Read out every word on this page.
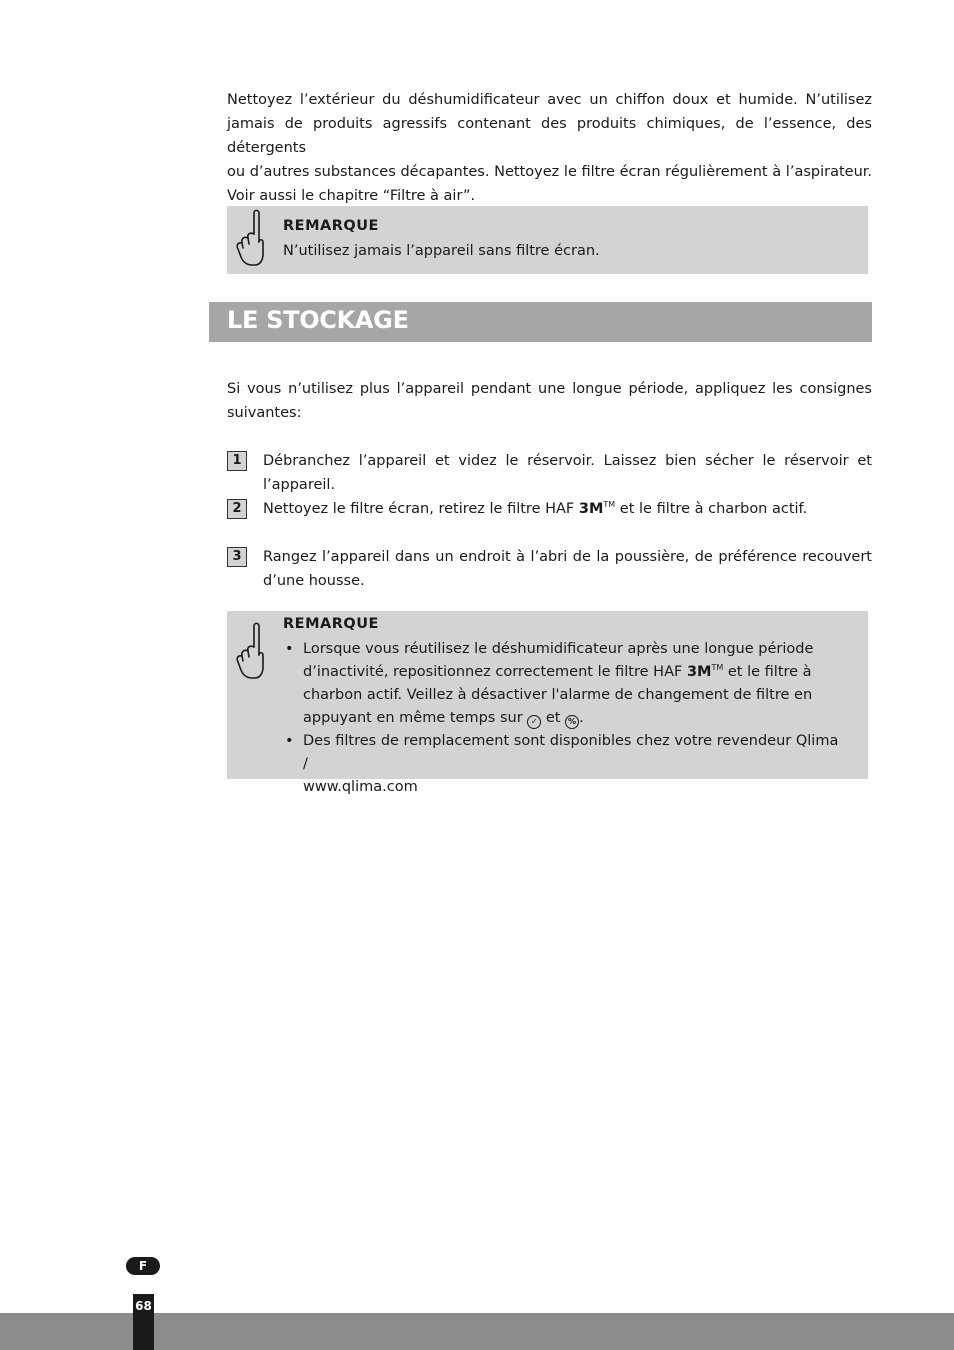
Nettoyez l’extérieur du déshumidificateur avec un chiffon doux et humide. N’utilisez
jamais de produits agressifs contenant des produits chimiques, de l’essence, des détergents
ou d’autres substances décapantes. Nettoyez le filtre écran régulièrement à l’aspirateur.
Voir aussi le chapitre “Filtre à air”.
REMARQUE
N’utilisez jamais l’appareil sans filtre écran.
LE STOCKAGE

Si vous n’utilisez plus l’appareil pendant une longue période, appliquez les consignes suivantes:

1	Débranchez l’appareil et videz le réservoir. Laissez bien sécher le réservoir et l’appareil.

2	Nettoyez le filtre écran, retirez le filtre HAF 3M™ et le filtre à charbon actif.

3	Rangez l’appareil dans un endroit à l’abri de la poussière, de préférence recouvert d’une housse.

REMARQUE
• Lorsque vous réutilisez le déshumidificateur après une longue période
d’inactivité, repositionnez correctement le filtre HAF 3M™ et le filtre à
charbon actif. Veillez à désactiver l'alarme de changement de filtre en
appuyant en même temps sur ✓ et % .
• Des filtres de remplacement sont disponibles chez votre revendeur Qlima /
www.qlima.com
F
68
